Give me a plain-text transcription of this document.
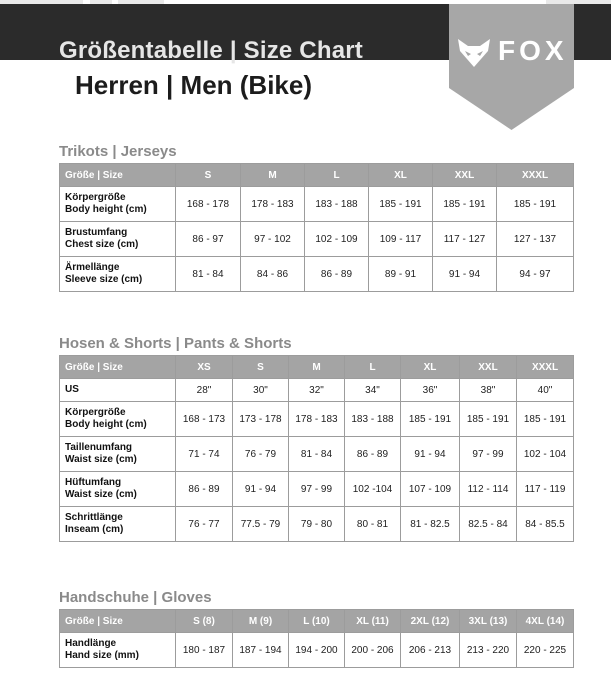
Größentabelle | Size Chart	FOX
Herren | Men (Bike)
Trikots | Jerseys
Größe | Size	S	M	L	XL	XXL	XXXL

Körpergröße
Body height (cm)	168 - 178	178 - 183	183 - 188	185 - 191	185 - 191	185 - 191

Brustumfang
Chest size (cm)	86 - 97	97 - 102	102 - 109	109 - 117	117 - 127	127 - 137

Ärmellänge
Sleeve size (cm)	81 - 84	84 - 86	86 - 89	89 - 91	91 - 94	94 - 97
Hosen & Shorts | Pants & Shorts
Größe | Size	XS	S	M	L	XL	XXL	XXXL

US	28"	30"	32"	34"	36"	38"	40"

Körpergröße
Body height (cm)	168 - 173	173 - 178	178 - 183	183 - 188	185 - 191	185 - 191	185 - 191

Taillenumfang
Waist size (cm)	71 - 74	76 - 79	81 - 84	86 - 89	91 - 94	97 - 99	102 - 104

Hüftumfang
Waist size (cm)	86 - 89	91 - 94	97 - 99	102 -104	107 - 109	112 - 114	117 - 119

Schrittlänge
Inseam (cm)	76 - 77	77.5 - 79	79 - 80	80 - 81	81 - 82.5	82.5 - 84	84 - 85.5
Handschuhe | Gloves
Größe | Size	S (8)	M (9)	L (10)	XL (11)	2XL (12)	3XL (13)	4XL (14)

Handlänge
Hand size (mm)	180 - 187	187 - 194	194 - 200	200 - 206	206 - 213	213 - 220	220 - 225
